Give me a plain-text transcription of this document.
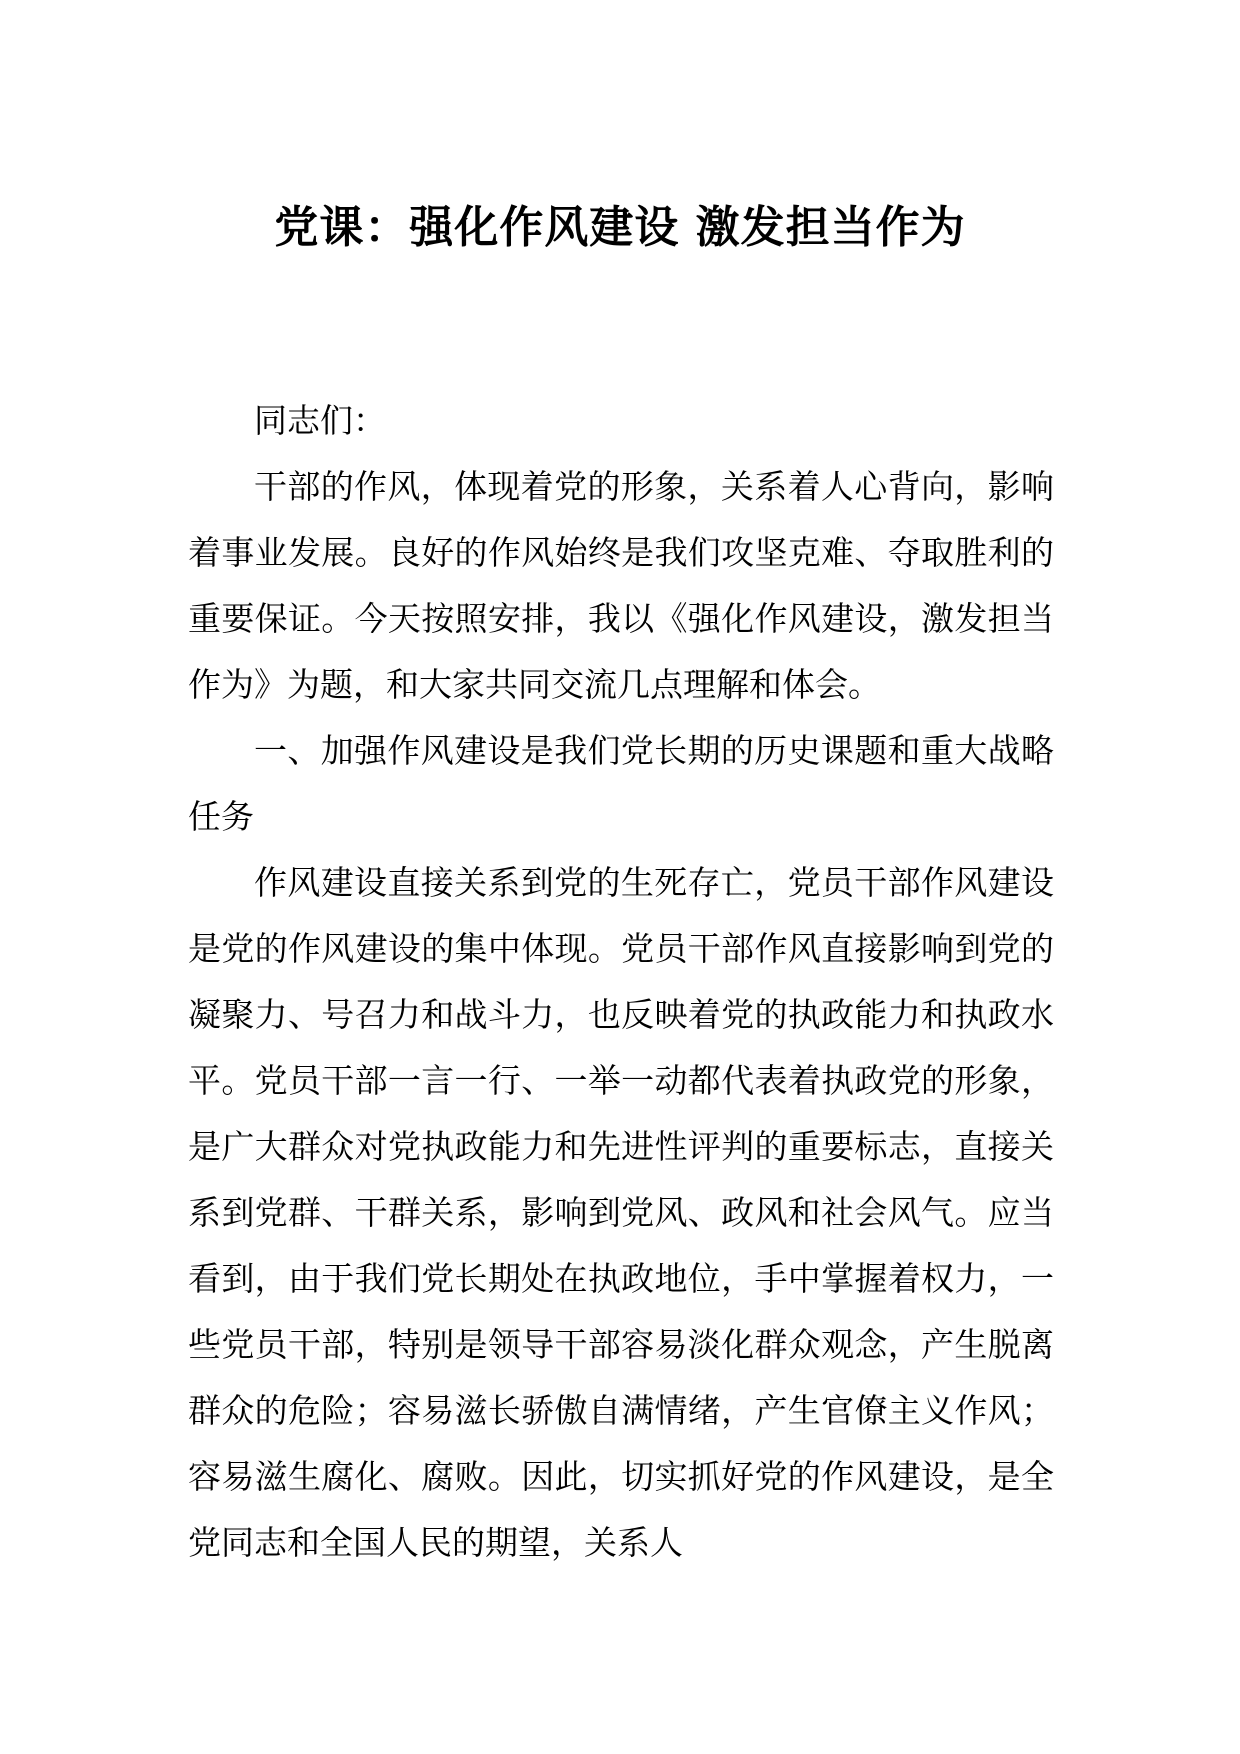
党课：强化作风建设 激发担当作为

同志们：

干部的作风，体现着党的形象，关系着人心背向，影响着事业发展。良好的作风始终是我们攻坚克难、夺取胜利的重要保证。今天按照安排，我以《强化作风建设，激发担当作为》为题，和大家共同交流几点理解和体会。

一、加强作风建设是我们党长期的历史课题和重大战略任务

作风建设直接关系到党的生死存亡，党员干部作风建设是党的作风建设的集中体现。党员干部作风直接影响到党的凝聚力、号召力和战斗力，也反映着党的执政能力和执政水平。党员干部一言一行、一举一动都代表着执政党的形象，是广大群众对党执政能力和先进性评判的重要标志，直接关系到党群、干群关系，影响到党风、政风和社会风气。应当看到，由于我们党长期处在执政地位，手中掌握着权力，一些党员干部，特别是领导干部容易淡化群众观念，产生脱离群众的危险；容易滋长骄傲自满情绪，产生官僚主义作风；容易滋生腐化、腐败。因此，切实抓好党的作风建设，是全党同志和全国人民的期望，关系人
